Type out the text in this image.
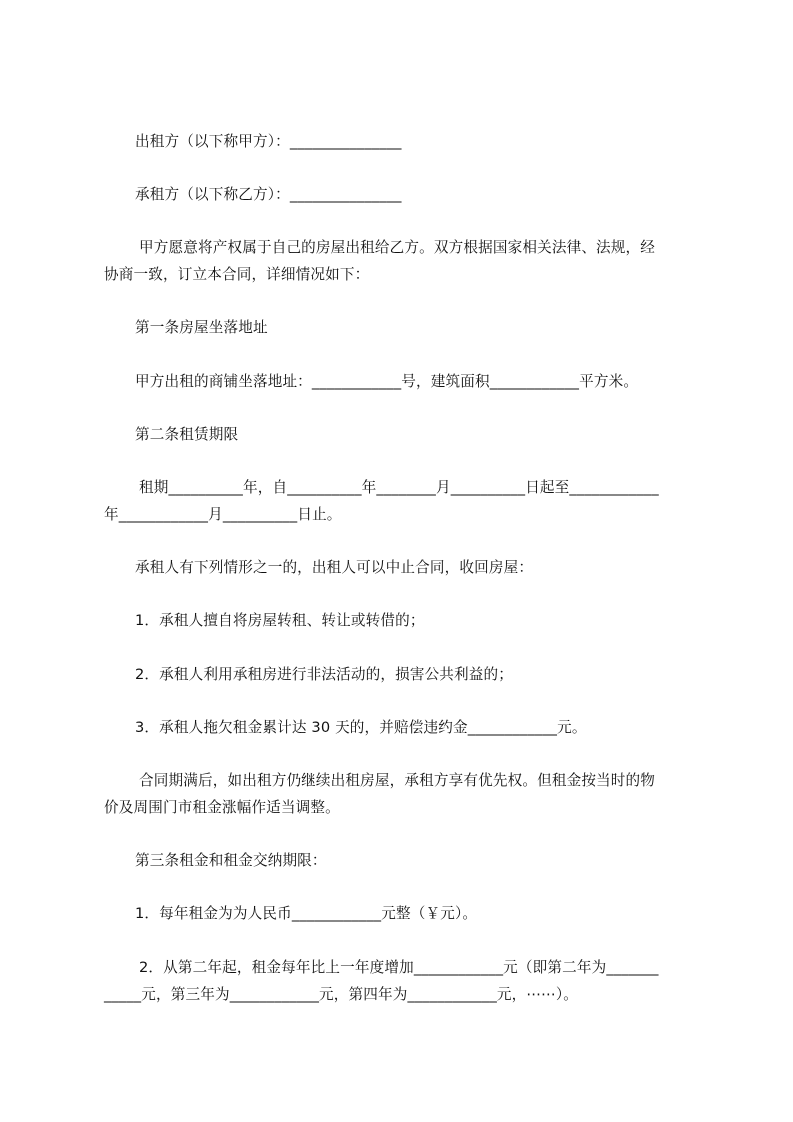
出租方（以下称甲方）：_______________
承租方（以下称乙方）：_______________
甲方愿意将产权属于自己的房屋出租给乙方。双方根据国家相关法律、法规，经
协商一致，订立本合同，详细情况如下：
第一条房屋坐落地址
甲方出租的商铺坐落地址：____________号，建筑面积____________平方米。
第二条租赁期限
租期__________年，自__________年________月__________日起至____________
年____________月__________日止。
承租人有下列情形之一的，出租人可以中止合同，收回房屋：
1．承租人擅自将房屋转租、转让或转借的；
2．承租人利用承租房进行非法活动的，损害公共利益的；
3．承租人拖欠租金累计达 30 天的，并赔偿违约金____________元。
合同期满后，如出租方仍继续出租房屋，承租方享有优先权。但租金按当时的物
价及周围门市租金涨幅作适当调整。
第三条租金和租金交纳期限：
1．每年租金为为人民币____________元整（￥元）。
2．从第二年起，租金每年比上一年度增加____________元（即第二年为_______
_____元，第三年为____________元，第四年为____________元，⋯⋯）。
